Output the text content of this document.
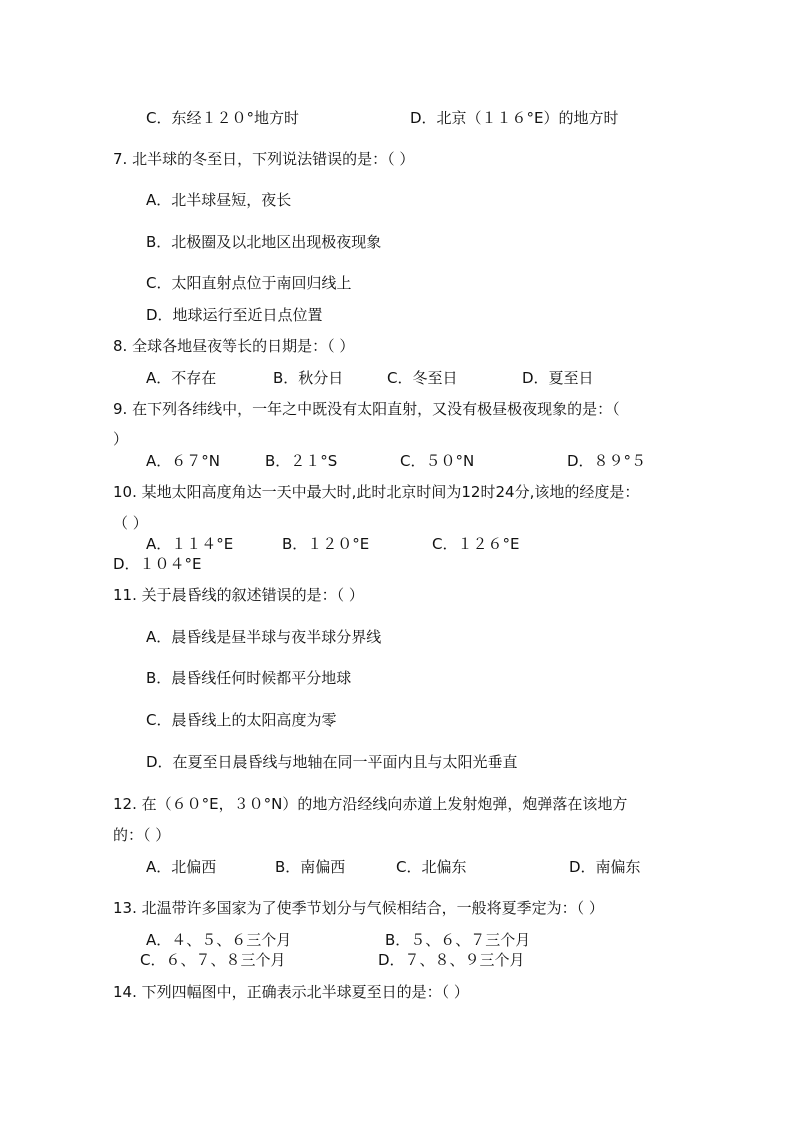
C．东经１２０°地方时	D．北京（１１６°E）的地方时
7. 北半球的冬至日，下列说法错误的是：（ ）
A．北半球昼短，夜长
B．北极圈及以北地区出现极夜现象
C．太阳直射点位于南回归线上
D．地球运行至近日点位置
8. 全球各地昼夜等长的日期是：（ ）
A．不存在	B．秋分日	C．冬至日	D．夏至日
9. 在下列各纬线中，一年之中既没有太阳直射，又没有极昼极夜现象的是：（
）
A．６７°N	B．２１°S	C．５０°N	D．８９°５
10. 某地太阳高度角达一天中最大时,此时北京时间为12时24分,该地的经度是：
（ ）
A．１１４°E	B．１２０°E	C．１２６°E
D．１０４°E
11. 关于晨昏线的叙述错误的是：（ ）
A．晨昏线是昼半球与夜半球分界线
B．晨昏线任何时候都平分地球
C．晨昏线上的太阳高度为零
D．在夏至日晨昏线与地轴在同一平面内且与太阳光垂直
12. 在（６０°E，３０°N）的地方沿经线向赤道上发射炮弹，炮弹落在该地方
的：（ ）
A．北偏西	B．南偏西	C．北偏东	D．南偏东
13. 北温带许多国家为了使季节划分与气候相结合，一般将夏季定为：（ ）
A．４、５、６三个月	B．５、６、７三个月
C．６、７、８三个月	D．７、８、９三个月
14. 下列四幅图中，正确表示北半球夏至日的是：（ ）
